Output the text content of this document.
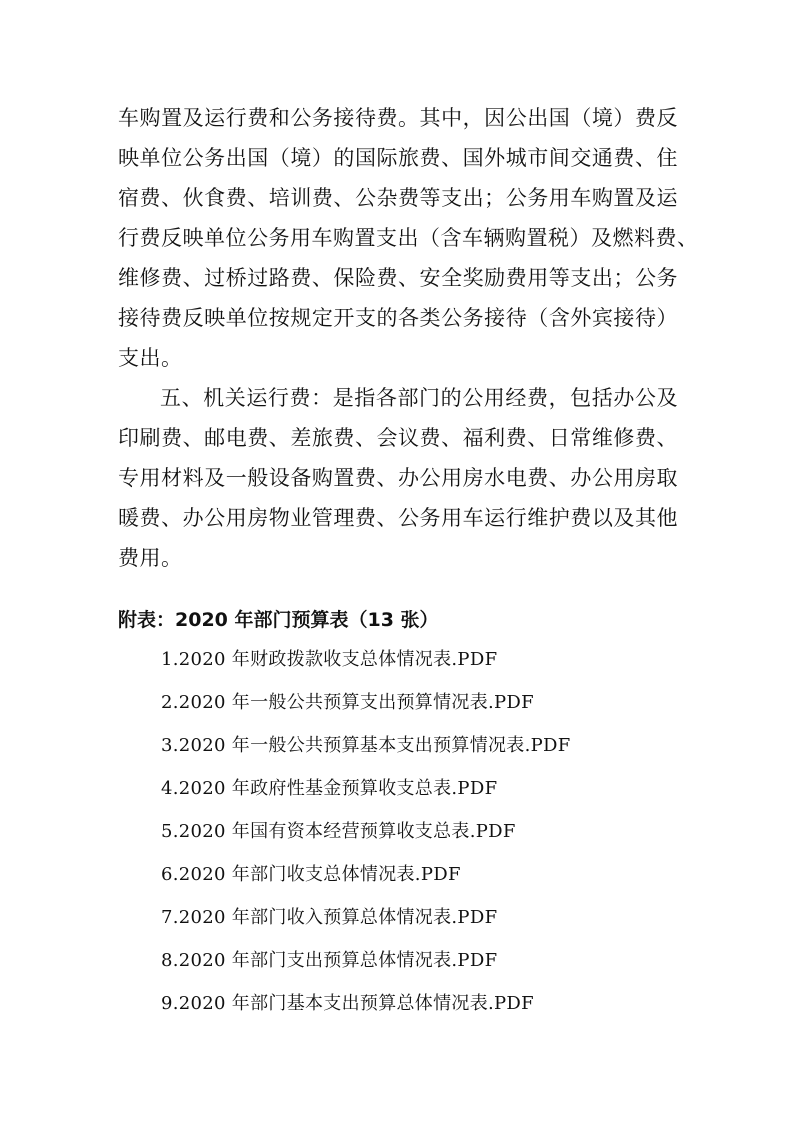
车购置及运行费和公务接待费。其中，因公出国（境）费反
映单位公务出国（境）的国际旅费、国外城市间交通费、住
宿费、伙食费、培训费、公杂费等支出；公务用车购置及运
行费反映单位公务用车购置支出（含车辆购置税）及燃料费、
维修费、过桥过路费、保险费、安全奖励费用等支出；公务
接待费反映单位按规定开支的各类公务接待（含外宾接待）
支出。
五、机关运行费：是指各部门的公用经费，包括办公及
印刷费、邮电费、差旅费、会议费、福利费、日常维修费、
专用材料及一般设备购置费、办公用房水电费、办公用房取
暖费、办公用房物业管理费、公务用车运行维护费以及其他
费用。
附表：2020 年部门预算表（13 张）
1.2020 年财政拨款收支总体情况表.PDF
2.2020 年一般公共预算支出预算情况表.PDF
3.2020 年一般公共预算基本支出预算情况表.PDF
4.2020 年政府性基金预算收支总表.PDF
5.2020 年国有资本经营预算收支总表.PDF
6.2020 年部门收支总体情况表.PDF
7.2020 年部门收入预算总体情况表.PDF
8.2020 年部门支出预算总体情况表.PDF
9.2020 年部门基本支出预算总体情况表.PDF
